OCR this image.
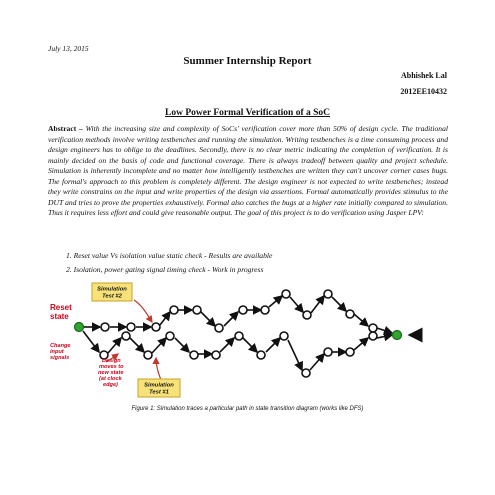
July 13, 2015
Summer Internship Report
Abhishek Lal
2012EE10432
Low Power Formal Verification of a SoC
Abstract – With the increasing size and complexity of SoCs' verification cover more than 50% of design cycle. The traditional verification methods involve writing testbenches and running the simulation. Writing testbenches is a time consuming process and design engineers has to oblige to the deadlines. Secondly, there is no clear metric indicating the completion of verification. It is mainly decided on the basis of code and functional coverage. There is always tradeoff between quality and project schedule. Simulation is inherently incomplete and no matter how intelligently testbenches are written they can't uncover corner cases bugs. The formal's approach to this problem is completely different. The design engineer is not expected to write testbenches; instead they write constrains on the input and write properties of the design via assertions. Formal automatically provides stimulus to the DUT and tries to prove the properties exhaustively. Formal also catches the bugs at a higher rate initially compared to simulation. Thus it requires less effort and could give reasonable output. The goal of this project is to do verification using Jasper LPV:
1. Reset value Vs isolation value static check - Results are available
2. Isolation, power gating signal timing check - Work in progress
Reset state
Change input signals	Design moves to new state (at clock edge)
Simulation
Test #2
Simulation
Test #1
Figure 1: Simulation traces a particular path in state transition diagram (works like DFS)
